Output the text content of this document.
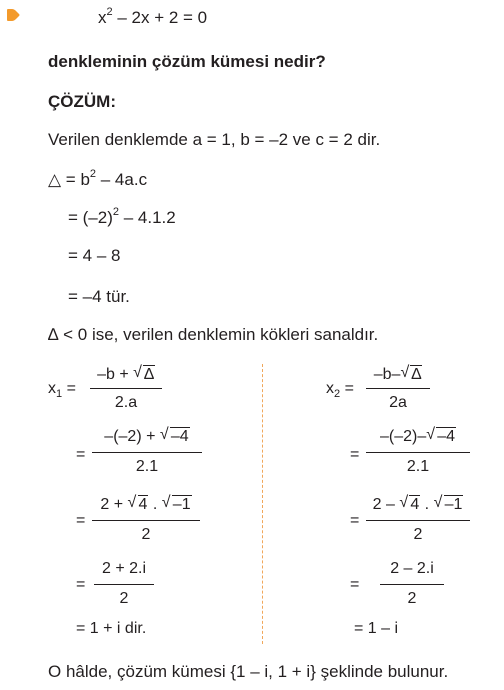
$x^2 - 2x + 2 = 0$
denkleminin çözüm kümesi nedir?
ÇÖZÜM:
Verilen denklemde a = 1, b = –2 ve c = 2 dir.
△ = $b^2 - 4a.c$
= $(-2)^2 - 4.1.2$
= 4 – 8
= –4 tür.
∆ < 0 ise, verilen denklemin kökleri sanaldır.
$x_1$ =
–b + √ ∆
2.a
=
–(–2) + √ –4
2.1
=
2 + √ 4 . √ –1
2
=
2 + 2.i
2
= 1 + i dir.
$x_2$ =
–b– √ ∆
2a
=
–(–2)– √ –4
2.1
=
2 – √ 4 . √ –1
2
=
2 – 2.i
2
= 1 – i
O hâlde, çözüm kümesi {1 – i, 1 + i} şeklinde bulunur.
